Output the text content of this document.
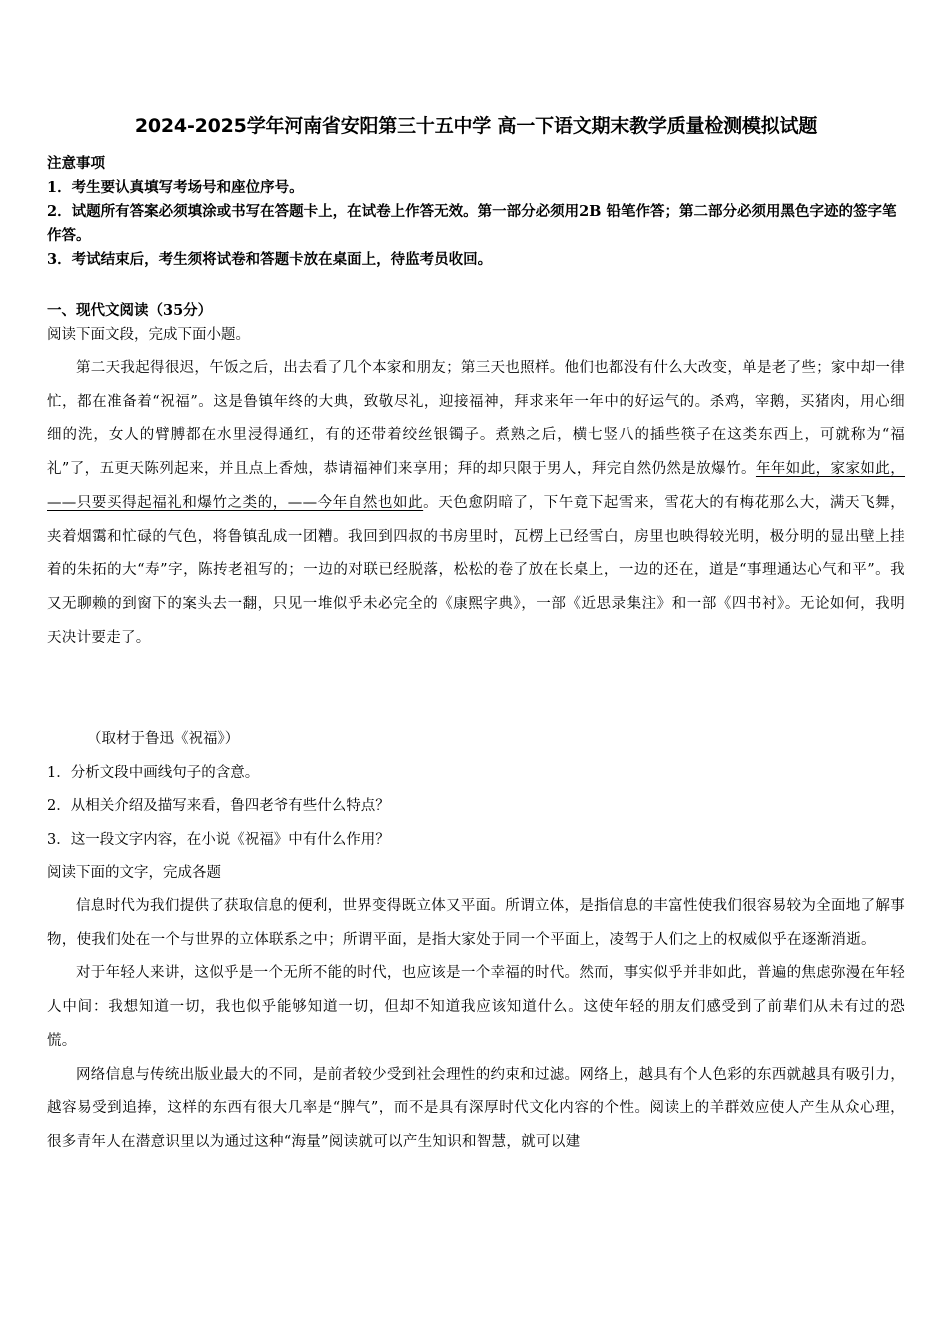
2024-2025学年河南省安阳第三十五中学 高一下语文期末教学质量检测模拟试题

注意事项

1．考生要认真填写考场号和座位序号。

2．试题所有答案必须填涂或书写在答题卡上，在试卷上作答无效。第一部分必须用2B 铅笔作答；第二部分必须用黑色字迹的签字笔作答。

3．考试结束后，考生须将试卷和答题卡放在桌面上，待监考员收回。

一、现代文阅读（35分）

阅读下面文段，完成下面小题。

第二天我起得很迟，午饭之后，出去看了几个本家和朋友；第三天也照样。他们也都没有什么大改变，单是老了些；家中却一律忙，都在准备着“祝福”。这是鲁镇年终的大典，致敬尽礼，迎接福神，拜求来年一年中的好运气的。杀鸡，宰鹅，买猪肉，用心细细的洗，女人的臂膊都在水里浸得通红，有的还带着绞丝银镯子。煮熟之后，横七竖八的插些筷子在这类东西上，可就称为“福礼”了，五更天陈列起来，并且点上香烛，恭请福神们来享用；拜的却只限于男人，拜完自然仍然是放爆竹。年年如此，家家如此，——只要买得起福礼和爆竹之类的，——今年自然也如此。天色愈阴暗了，下午竟下起雪来，雪花大的有梅花那么大，满天飞舞，夹着烟霭和忙碌的气色，将鲁镇乱成一团糟。我回到四叔的书房里时，瓦楞上已经雪白，房里也映得较光明，极分明的显出壁上挂着的朱拓的大“寿”字，陈抟老祖写的；一边的对联已经脱落，松松的卷了放在长桌上，一边的还在，道是“事理通达心气和平”。我又无聊赖的到窗下的案头去一翻，只见一堆似乎未必完全的《康熙字典》，一部《近思录集注》和一部《四书衬》。无论如何，我明天决计要走了。

（取材于鲁迅《祝福》）

1．分析文段中画线句子的含意。

2．从相关介绍及描写来看，鲁四老爷有些什么特点？

3．这一段文字内容，在小说《祝福》中有什么作用？

阅读下面的文字，完成各题

信息时代为我们提供了获取信息的便利，世界变得既立体又平面。所谓立体，是指信息的丰富性使我们很容易较为全面地了解事物，使我们处在一个与世界的立体联系之中；所谓平面，是指大家处于同一个平面上，凌驾于人们之上的权威似乎在逐渐消逝。

对于年轻人来讲，这似乎是一个无所不能的时代，也应该是一个幸福的时代。然而，事实似乎并非如此，普遍的焦虑弥漫在年轻人中间：我想知道一切，我也似乎能够知道一切，但却不知道我应该知道什么。这使年轻的朋友们感受到了前辈们从未有过的恐慌。

网络信息与传统出版业最大的不同，是前者较少受到社会理性的约束和过滤。网络上，越具有个人色彩的东西就越具有吸引力，越容易受到追捧，这样的东西有很大几率是“脾气”，而不是具有深厚时代文化内容的个性。阅读上的羊群效应使人产生从众心理，很多青年人在潜意识里以为通过这种“海量”阅读就可以产生知识和智慧，就可以建
